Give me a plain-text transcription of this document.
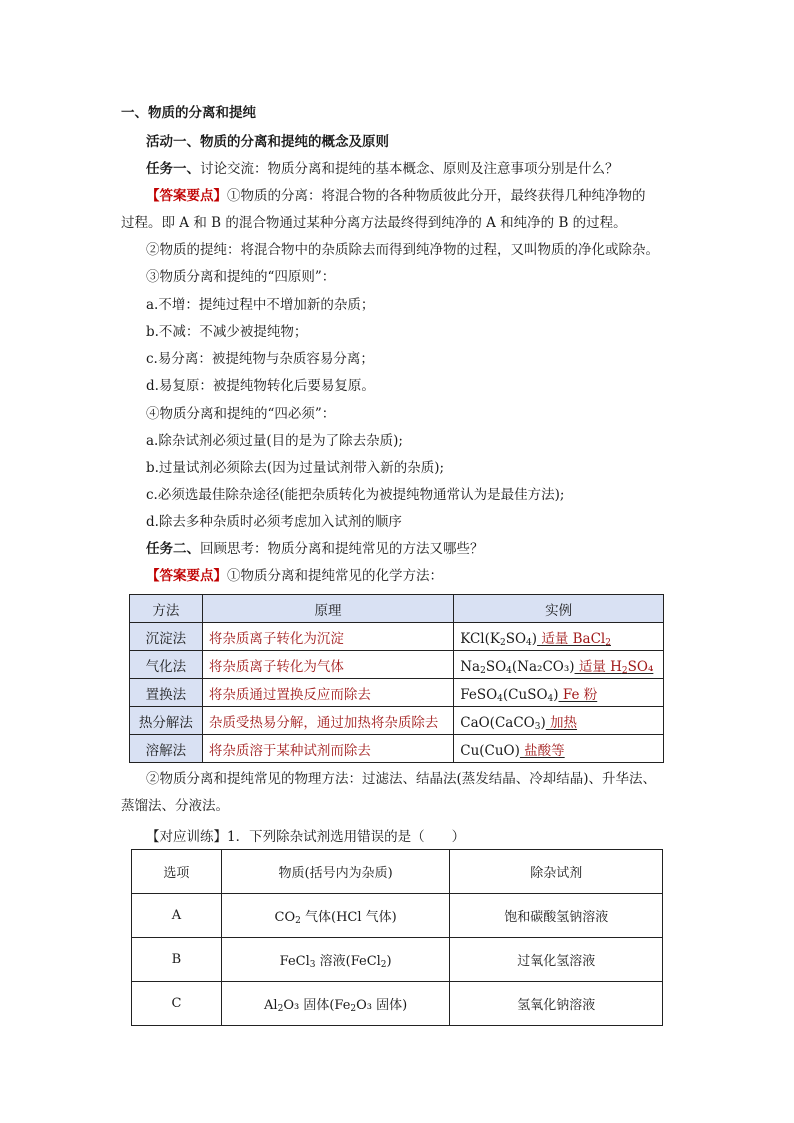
一、物质的分离和提纯
活动一、物质的分离和提纯的概念及原则
任务一、讨论交流：物质分离和提纯的基本概念、原则及注意事项分别是什么？
【答案要点】①物质的分离：将混合物的各种物质彼此分开，最终获得几种纯净物的
过程。即 A 和 B 的混合物通过某种分离方法最终得到纯净的 A 和纯净的 B 的过程。
②物质的提纯：将混合物中的杂质除去而得到纯净物的过程，又叫物质的净化或除杂。
③物质分离和提纯的“四原则”：
a.不增：提纯过程中不增加新的杂质；
b.不减：不减少被提纯物；
c.易分离：被提纯物与杂质容易分离；
d.易复原：被提纯物转化后要易复原。
④物质分离和提纯的“四必须”：
a.除杂试剂必须过量(目的是为了除去杂质);
b.过量试剂必须除去(因为过量试剂带入新的杂质);
c.必须选最佳除杂途径(能把杂质转化为被提纯物通常认为是最佳方法);
d.除去多种杂质时必须考虑加入试剂的顺序
任务二、回顾思考：物质分离和提纯常见的方法又哪些？
【答案要点】①物质分离和提纯常见的化学方法：
方法	原理	实例
沉淀法	将杂质离子转化为沉淀	$KCl(K_2SO_4)$ 适量 BaCl$_2$
气化法	将杂质离子转化为气体	$Na_2SO_4(Na_2CO_3)$ 适量 $H_2SO_4$
置换法	将杂质通过置换反应而除去	FeSO$_4$(CuSO$_4$) Fe 粉
热分解法	杂质受热易分解，通过加热将杂质除去	CaO(CaCO$_3$) 加热
溶解法	将杂质溶于某种试剂而除去	Cu(CuO) 盐酸等
②物质分离和提纯常见的物理方法：过滤法、结晶法(蒸发结晶、冷却结晶)、升华法、
蒸馏法、分液法。
【对应训练】1．下列除杂试剂选用错误的是（　　）
选项	物质(括号内为杂质)	除杂试剂
A	$CO_2$ 气体(HCl 气体)	饱和碳酸氢钠溶液
B	FeCl$_3$ 溶液(FeCl$_2$)	过氧化氢溶液
C	$Al_2O_3$ 固体($Fe_2O_3$ 固体)	氢氧化钠溶液
